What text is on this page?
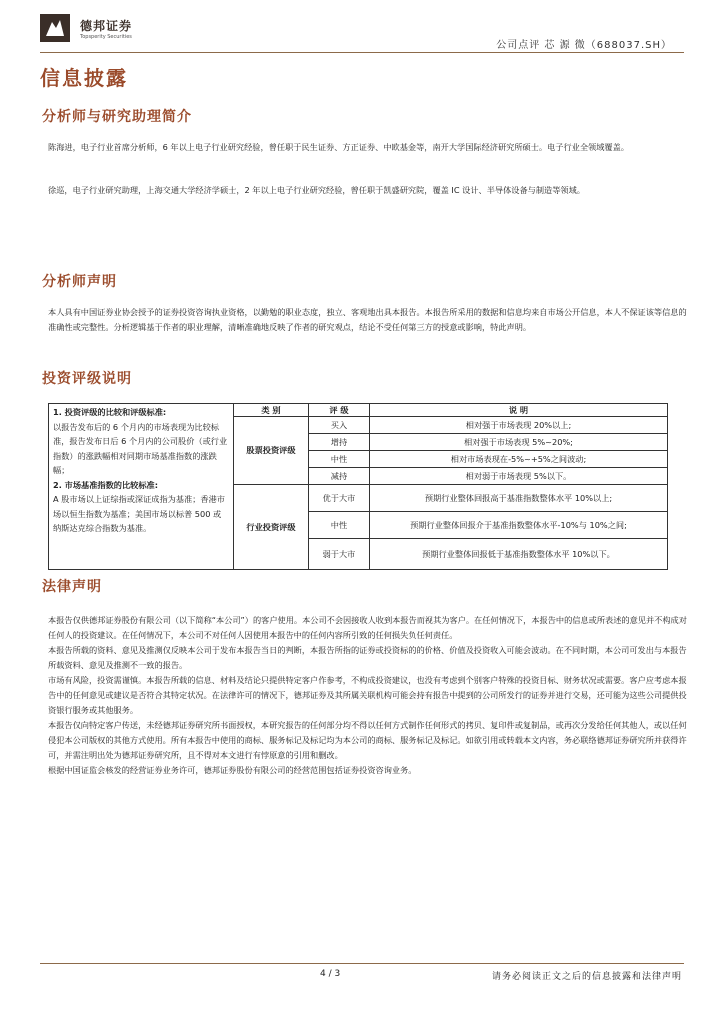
德邦证券
Topsperity Securities
公司点评 芯 源 微（688037.SH）
信息披露
分析师与研究助理简介
陈海进，电子行业首席分析师，6 年以上电子行业研究经验，曾任职于民生证券、方正证券、中欧基金等，南开大学国际经济研究所硕士。电子行业全领域覆盖。
徐巡，电子行业研究助理，上海交通大学经济学硕士，2 年以上电子行业研究经验，曾任职于凯盛研究院，覆盖 IC 设计、半导体设备与制造等领域。
分析师声明
本人具有中国证券业协会授予的证券投资咨询执业资格，以勤勉的职业态度，独立、客观地出具本报告。本报告所采用的数据和信息均来自市场公开信息，本人不保证该等信息的准确性或完整性。分析逻辑基于作者的职业理解，清晰准确地反映了作者的研究观点，结论不受任何第三方的授意或影响，特此声明。
投资评级说明
1. 投资评级的比较和评级标准:
以报告发布后的 6 个月内的市场表现为比较标准，报告发布日后 6 个月内的公司股价（或行业指数）的涨跌幅相对同期市场基准指数的涨跌幅；
2. 市场基准指数的比较标准:
A 股市场以上证综指或深证成指为基准；香港市场以恒生指数为基准；美国市场以标普 500 或纳斯达克综合指数为基准。	类 别	评 级	说 明
	股票投资评级	买入	相对强于市场表现 20%以上;
		增持	相对强于市场表现 5%~20%;
		中性	相对市场表现在-5%~+5%之间波动;
		减持	相对弱于市场表现 5%以下。
	行业投资评级	优于大市	预期行业整体回报高于基准指数整体水平 10%以上;
		中性	预期行业整体回报介于基准指数整体水平-10%与 10%之间;
		弱于大市	预期行业整体回报低于基准指数整体水平 10%以下。
法律声明

本报告仅供德邦证券股份有限公司（以下简称“本公司”）的客户使用。本公司不会因接收人收到本报告而视其为客户。在任何情况下，本报告中的信息或所表述的意见并不构成对任何人的投资建议。在任何情况下，本公司不对任何人因使用本报告中的任何内容所引致的任何损失负任何责任。

本报告所载的资料、意见及推测仅反映本公司于发布本报告当日的判断，本报告所指的证券或投资标的的价格、价值及投资收入可能会波动。在不同时期，本公司可发出与本报告所载资料、意见及推测不一致的报告。

市场有风险，投资需谨慎。本报告所载的信息、材料及结论只提供特定客户作参考，不构成投资建议，也没有考虑到个别客户特殊的投资目标、财务状况或需要。客户应考虑本报告中的任何意见或建议是否符合其特定状况。在法律许可的情况下，德邦证券及其所属关联机构可能会持有报告中提到的公司所发行的证券并进行交易，还可能为这些公司提供投资银行服务或其他服务。

本报告仅向特定客户传送，未经德邦证券研究所书面授权，本研究报告的任何部分均不得以任何方式制作任何形式的拷贝、复印件或复制品，或再次分发给任何其他人，或以任何侵犯本公司版权的其他方式使用。所有本报告中使用的商标、服务标记及标记均为本公司的商标、服务标记及标记。如欲引用或转载本文内容，务必联络德邦证券研究所并获得许可，并需注明出处为德邦证券研究所，且不得对本文进行有悖原意的引用和删改。

根据中国证监会核发的经营证券业务许可，德邦证券股份有限公司的经营范围包括证券投资咨询业务。

4 / 3	请务必阅读正文之后的信息披露和法律声明
